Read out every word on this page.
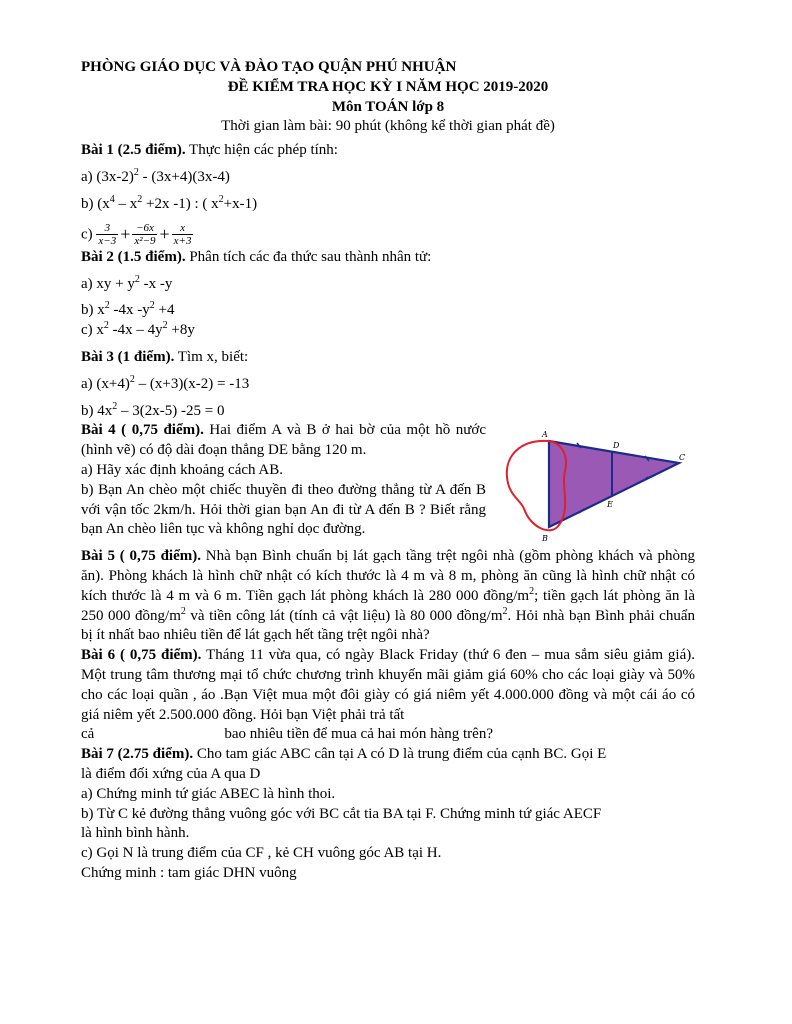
PHÒNG GIÁO DỤC VÀ ĐÀO TẠO QUẬN PHÚ NHUẬN

ĐỀ KIỂM TRA HỌC KỲ I NĂM HỌC 2019-2020

Môn TOÁN lớp 8

Thời gian làm bài: 90 phút (không kể thời gian phát đề)

Bài 1 (2.5 điểm). Thực hiện các phép tính:

a) $(3x-2)^2 - (3x+4)(3x-4)$

b) ($x^4 - x^2 +2x$ -1) : ( $x^2+x-1$)

$c) \frac{3}{x-3} + \frac{-6x}{\text{x²−9}} + \frac{x}{x+3}$

Bài 2 (1.5 điểm). Phân tích các đa thức sau thành nhân tử:

a) xy + $y^2$ -x -y

b) $x^2$ -4x $-y^2 +4$

c) $x^2$ $-4x - 4y^2 +8y$

Bài 3 (1 điểm). Tìm x, biết:

a) $(x+4)^2 - (x+3)(x-2) = -13$

b) $4x^2 - 3(2x-5) -25 = 0$

Bài 4 ( 0,75 điểm). Hai điểm A và B ở hai bờ của một hồ nước (hình vẽ) có độ dài đoạn thẳng DE bằng 120 m.

a) Hãy xác định khoảng cách AB.

b) Bạn An chèo một chiếc thuyền đi theo đường thẳng từ A đến B với vận tốc 2km/h. Hỏi thời gian bạn An đi từ A đến B ? Biết rằng bạn An chèo liên tục và không nghỉ dọc đường.

A
B
C
D
E

Bài 5 ( 0,75 điểm). Nhà bạn Bình chuẩn bị lát gạch tầng trệt ngôi nhà (gồm phòng khách và phòng ăn). Phòng khách là hình chữ nhật có kích thước là 4 m và 8 m, phòng ăn cũng là hình chữ nhật có kích thước là 4 m và 6 m. Tiền gạch lát phòng khách là 280 000 đồng/$m^2$; tiền gạch lát phòng ăn là 250 000 đồng/$m^2$ và tiền công lát (tính cả vật liệu) là 80 000 đồng/$m^2$. Hỏi nhà bạn Bình phải chuẩn bị ít nhất bao nhiêu tiền để lát gạch hết tầng trệt ngôi nhà?

Bài 6 ( 0,75 điểm). Tháng 11 vừa qua, có ngày Black Friday (thứ 6 đen – mua sắm siêu giảm giá). Một trung tâm thương mại tổ chức chương trình khuyến mãi giảm giá 60% cho các loại giày và 50% cho các loại quần , áo .Bạn Việt mua một đôi giày có giá niêm yết 4.000.000 đồng và một cái áo có giá niêm yết 2.500.000 đồng. Hỏi bạn Việt phải trả tất

cả	bao nhiêu tiền để mua cả hai món hàng trên?

Bài 7 (2.75 điểm). Cho tam giác ABC cân tại A có D là trung điểm của cạnh BC. Gọi E

là điểm đối xứng của A qua D

a) Chứng minh tứ giác ABEC là hình thoi.

b) Từ C kẻ đường thẳng vuông góc với BC cắt tia BA tại F. Chứng minh tứ giác AECF

là hình bình hành.

c) Gọi N là trung điểm của CF , kẻ CH vuông góc AB tại H.

Chứng minh : tam giác DHN vuông
